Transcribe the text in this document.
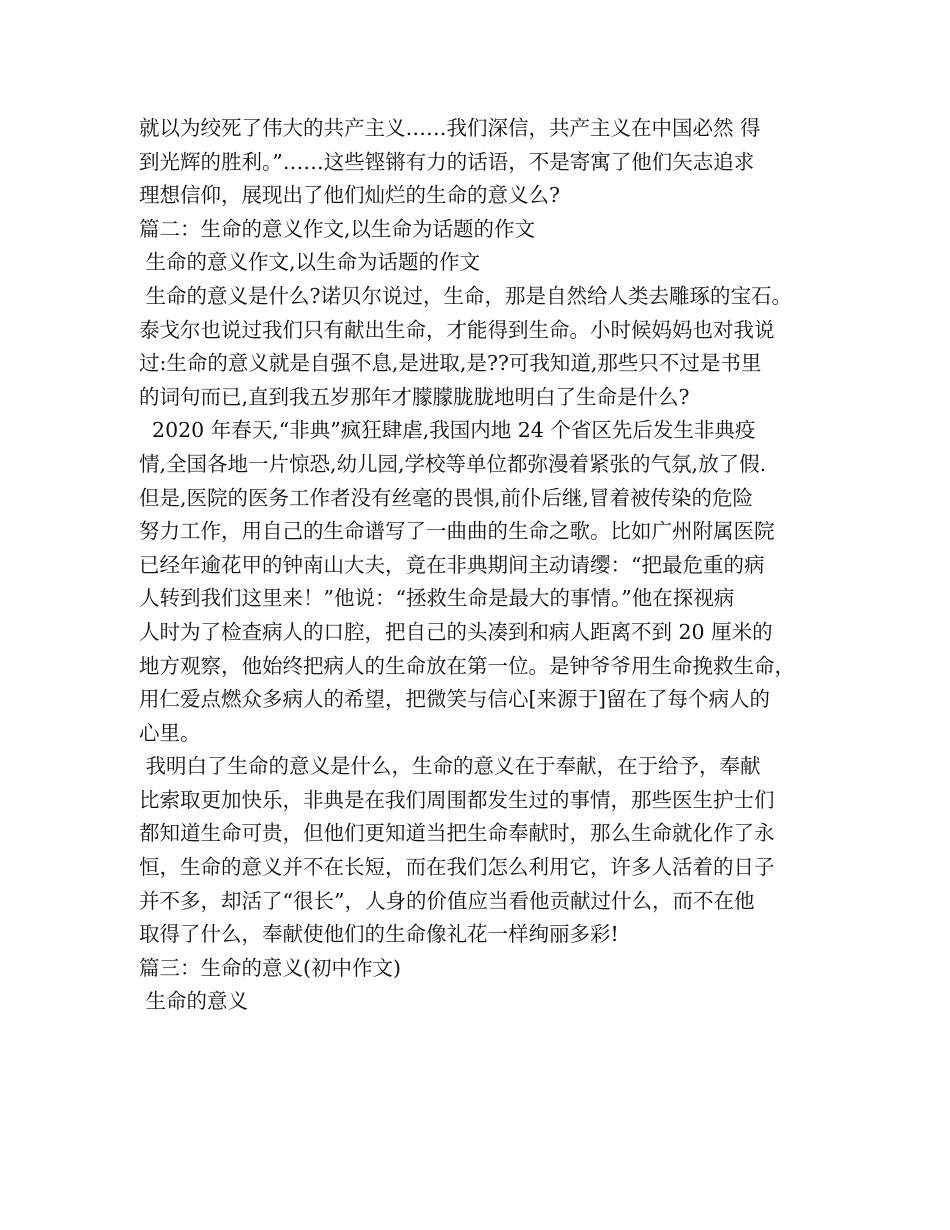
就以为绞死了伟大的共产主义……我们深信，共产主义在中国必然 得
到光辉的胜利。”……这些铿锵有力的话语，不是寄寓了他们矢志追求
理想信仰，展现出了他们灿烂的生命的意义么?
篇二：生命的意义作文,以生命为话题的作文
生命的意义作文,以生命为话题的作文
生命的意义是什么?诺贝尔说过，生命，那是自然给人类去雕琢的宝石。
泰戈尔也说过我们只有献出生命，才能得到生命。小时候妈妈也对我说
过:生命的意义就是自强不息,是进取,是??可我知道,那些只不过是书里
的词句而已,直到我五岁那年才朦朦胧胧地明白了生命是什么?
2020 年春天,“非典”疯狂肆虐,我国内地 24 个省区先后发生非典疫
情,全国各地一片惊恐,幼儿园,学校等单位都弥漫着紧张的气氛,放了假.
但是,医院的医务工作者没有丝毫的畏惧,前仆后继,冒着被传染的危险
努力工作，用自己的生命谱写了一曲曲的生命之歌。比如广州附属医院
已经年逾花甲的钟南山大夫，竟在非典期间主动请缨：“把最危重的病
人转到我们这里来！”他说：“拯救生命是最大的事情。”他在探视病
人时为了检查病人的口腔，把自己的头凑到和病人距离不到 20 厘米的
地方观察，他始终把病人的生命放在第一位。是钟爷爷用生命挽救生命，
用仁爱点燃众多病人的希望，把微笑与信心[来源于]留在了每个病人的
心里。
我明白了生命的意义是什么，生命的意义在于奉献，在于给予，奉献
比索取更加快乐，非典是在我们周围都发生过的事情，那些医生护士们
都知道生命可贵，但他们更知道当把生命奉献时，那么生命就化作了永
恒，生命的意义并不在长短，而在我们怎么利用它，许多人活着的日子
并不多，却活了“很长”，人身的价值应当看他贡献过什么，而不在他
取得了什么，奉献使他们的生命像礼花一样绚丽多彩!
篇三：生命的意义(初中作文)
生命的意义
